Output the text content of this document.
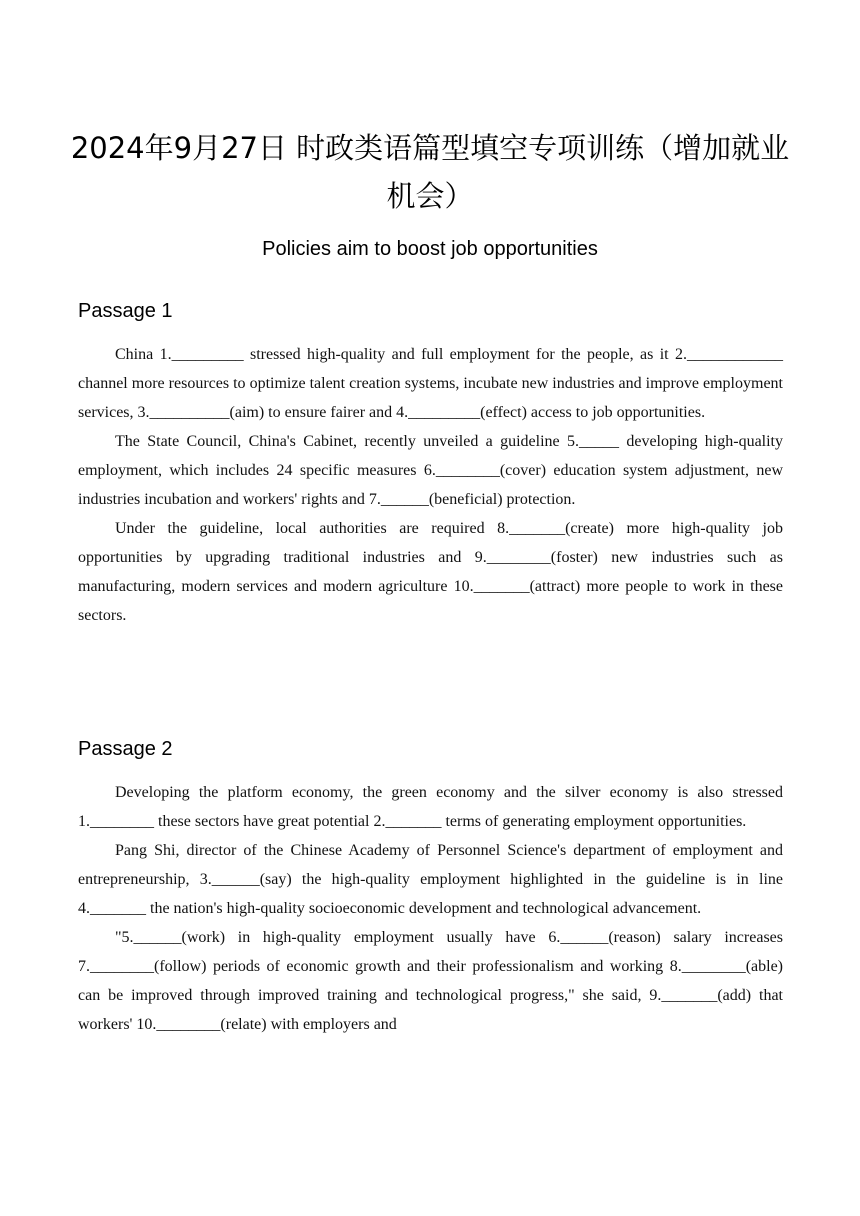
2024年9月27日 时政类语篇型填空专项训练（增加就业机会）
Policies aim to boost job opportunities
Passage 1

China 1._________ stressed high-quality and full employment for the people, as it 2.____________ channel more resources to optimize talent creation systems, incubate new industries and improve employment services, 3.__________(aim) to ensure fairer and 4._________(effect) access to job opportunities.

The State Council, China's Cabinet, recently unveiled a guideline 5._____ developing high-quality employment, which includes 24 specific measures 6.________(cover) education system adjustment, new industries incubation and workers' rights and 7.______(beneficial) protection.

Under the guideline, local authorities are required 8._______(create) more high-quality job opportunities by upgrading traditional industries and 9.________(foster) new industries such as manufacturing, modern services and modern agriculture 10._______(attract) more people to work in these sectors.

Passage 2

Developing the platform economy, the green economy and the silver economy is also stressed 1.________ these sectors have great potential 2._______ terms of generating employment opportunities.

Pang Shi, director of the Chinese Academy of Personnel Science's department of employment and entrepreneurship, 3.______(say) the high-quality employment highlighted in the guideline is in line 4._______ the nation's high-quality socioeconomic development and technological advancement.

"5.______(work) in high-quality employment usually have 6.______(reason) salary increases 7.________(follow) periods of economic growth and their professionalism and working 8.________(able) can be improved through improved training and technological progress," she said, 9._______(add) that workers' 10.________(relate) with employers and
